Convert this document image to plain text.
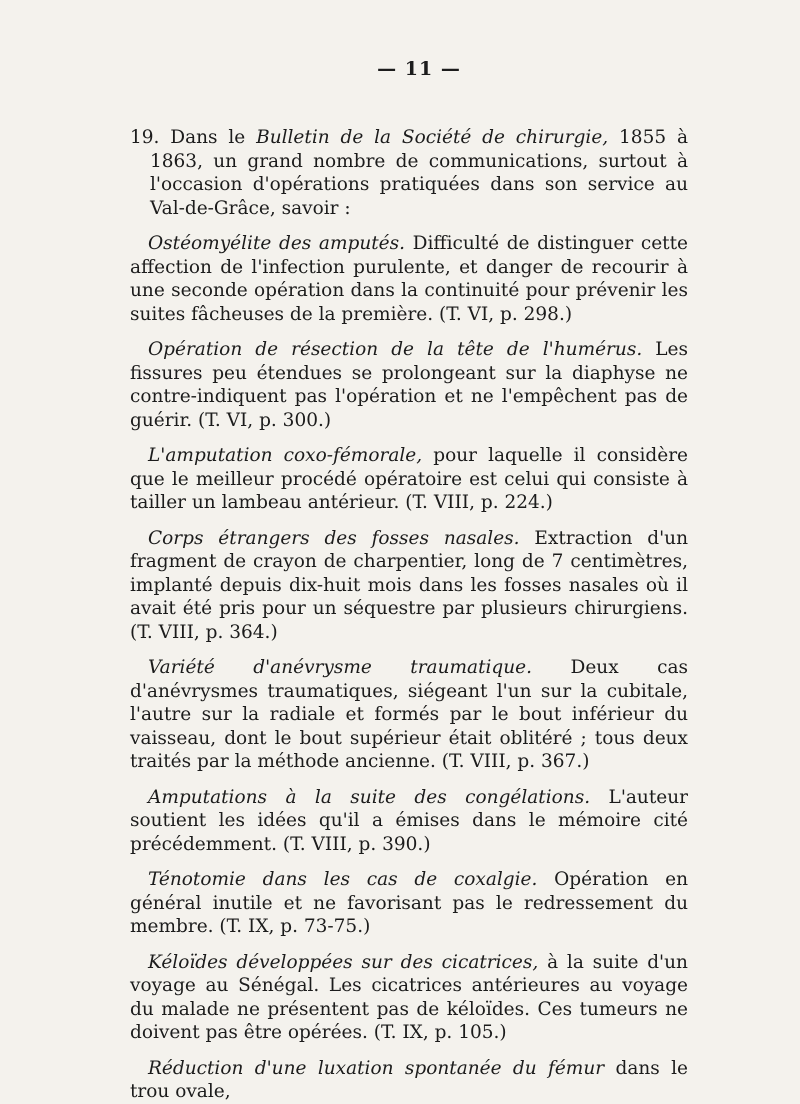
— 11 —

19. Dans le Bulletin de la Société de chirurgie, 1855 à 1863, un grand nombre de communications, surtout à l'occasion d'opérations pratiquées dans son service au Val-de-Grâce, savoir :

Ostéomyélite des amputés. Difficulté de distinguer cette affection de l'infection purulente, et danger de recourir à une seconde opération dans la continuité pour prévenir les suites fâcheuses de la première. (T. VI, p. 298.)

Opération de résection de la tête de l'humérus. Les fissures peu étendues se prolongeant sur la diaphyse ne contre-indiquent pas l'opération et ne l'empêchent pas de guérir. (T. VI, p. 300.)

L'amputation coxo-fémorale, pour laquelle il considère que le meilleur procédé opératoire est celui qui consiste à tailler un lambeau antérieur. (T. VIII, p. 224.)

Corps étrangers des fosses nasales. Extraction d'un fragment de crayon de charpentier, long de 7 centimètres, implanté depuis dix-huit mois dans les fosses nasales où il avait été pris pour un séquestre par plusieurs chirurgiens. (T. VIII, p. 364.)

Variété d'anévrysme traumatique. Deux cas d'anévrysmes traumatiques, siégeant l'un sur la cubitale, l'autre sur la radiale et formés par le bout inférieur du vaisseau, dont le bout supérieur était oblitéré ; tous deux traités par la méthode ancienne. (T. VIII, p. 367.)

Amputations à la suite des congélations. L'auteur soutient les idées qu'il a émises dans le mémoire cité précédemment. (T. VIII, p. 390.)

Ténotomie dans les cas de coxalgie. Opération en général inutile et ne favorisant pas le redressement du membre. (T. IX, p. 73-75.)

Kéloïdes développées sur des cicatrices, à la suite d'un voyage au Sénégal. Les cicatrices antérieures au voyage du malade ne présentent pas de kéloïdes. Ces tumeurs ne doivent pas être opérées. (T. IX, p. 105.)

Réduction d'une luxation spontanée du fémur dans le trou ovale,
